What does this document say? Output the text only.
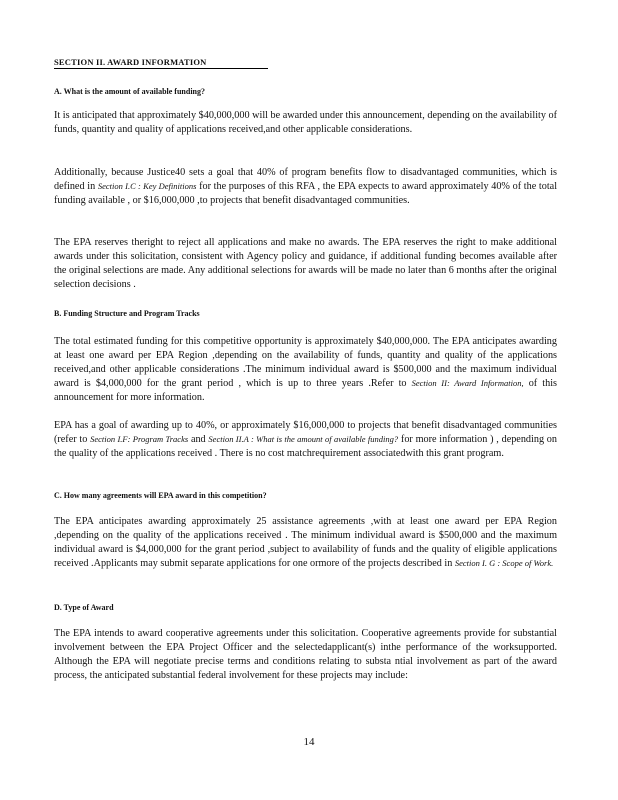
SECTION II. AWARD INFORMATION
A. What is the amount of available funding?

It is anticipated that approximately $40,000,000 will be awarded under this announcement, depending on the availability of funds, quantity and quality of applications received,and other applicable considerations.

Additionally, because Justice40 sets a goal that 40% of program benefits flow to disadvantaged communities, which is defined in Section I.C : Key Definitions for the purposes of this RFA , the EPA expects to award approximately 40% of the total funding available , or $16,000,000 ,to projects that benefit disadvantaged communities.

The EPA reserves theright to reject all applications and make no awards. The EPA reserves the right to make additional awards under this solicitation, consistent with Agency policy and guidance, if additional funding becomes available after the original selections are made. Any additional selections for awards will be made no later than 6 months after the original selection decisions .

B. Funding Structure and Program Tracks

The total estimated funding for this competitive opportunity is approximately $40,000,000. The EPA anticipates awarding at least one award per EPA Region ,depending on the availability of funds, quantity and quality of the applications received,and other applicable considerations .The minimum individual award is $500,000 and the maximum individual award is $4,000,000 for the grant period , which is up to three years .Refer to Section II: Award Information, of this announcement for more information.

EPA has a goal of awarding up to 40%, or approximately $16,000,000 to projects that benefit disadvantaged communities (refer to Section I.F: Program Tracks and Section II.A : What is the amount of available funding? for more information ) , depending on the quality of the applications received . There is no cost matchrequirement associatedwith this grant program.

C. How many agreements will EPA award in this competition?

The EPA anticipates awarding approximately 25 assistance agreements ,with at least one award per EPA Region ,depending on the quality of the applications received . The minimum individual award is $500,000 and the maximum individual award is $4,000,000 for the grant period ,subject to availability of funds and the quality of eligible applications received .Applicants may submit separate applications for one ormore of the projects described in Section I. G : Scope of Work.

D. Type of Award

The EPA intends to award cooperative agreements under this solicitation. Cooperative agreements provide for substantial involvement between the EPA Project Officer and the selectedapplicant(s) inthe performance of the worksupported. Although the EPA will negotiate precise terms and conditions relating to substa ntial involvement as part of the award process, the anticipated substantial federal involvement for these projects may include:

14
